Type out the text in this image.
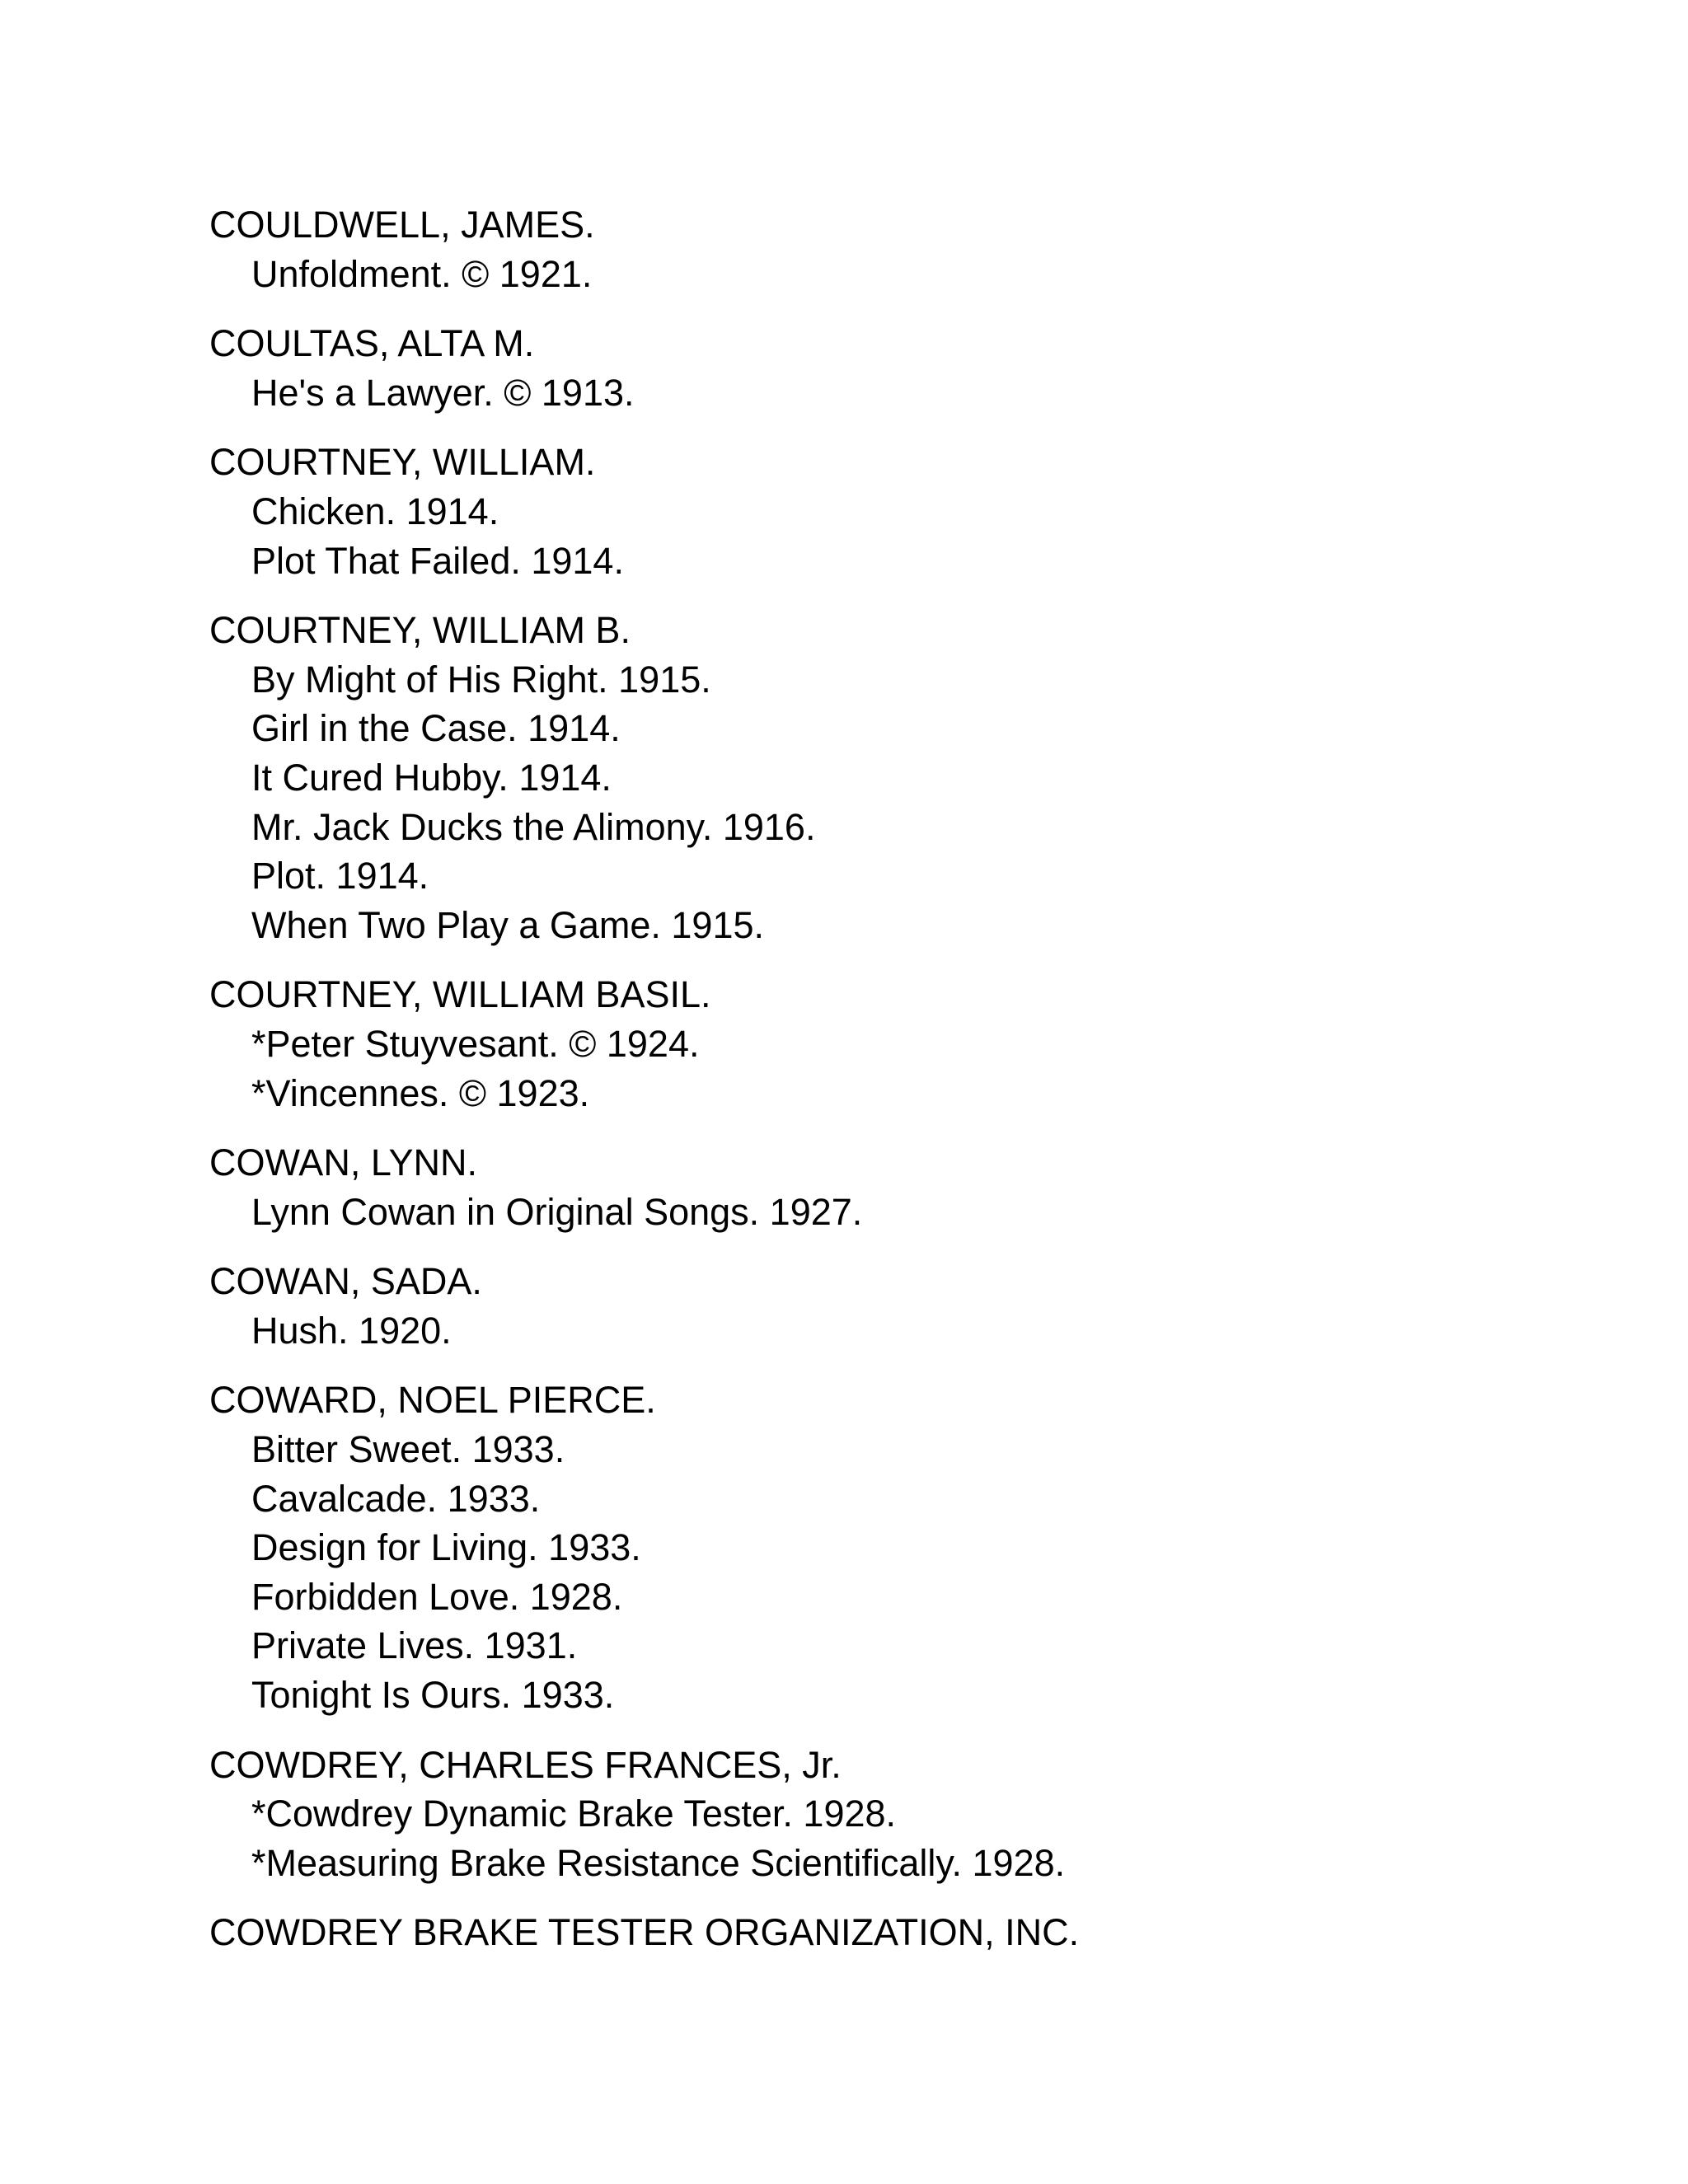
COULDWELL, JAMES.
Unfoldment. © 1921.
COULTAS, ALTA M.
He's a Lawyer. © 1913.
COURTNEY, WILLIAM.
Chicken. 1914.
Plot That Failed. 1914.
COURTNEY, WILLIAM B.
By Might of His Right. 1915.
Girl in the Case. 1914.
It Cured Hubby. 1914.
Mr. Jack Ducks the Alimony. 1916.
Plot. 1914.
When Two Play a Game. 1915.
COURTNEY, WILLIAM BASIL.
*Peter Stuyvesant. © 1924.
*Vincennes. © 1923.
COWAN, LYNN.
Lynn Cowan in Original Songs. 1927.
COWAN, SADA.
Hush. 1920.
COWARD, NOEL PIERCE.
Bitter Sweet. 1933.
Cavalcade. 1933.
Design for Living. 1933.
Forbidden Love. 1928.
Private Lives. 1931.
Tonight Is Ours. 1933.
COWDREY, CHARLES FRANCES, Jr.
*Cowdrey Dynamic Brake Tester. 1928.
*Measuring Brake Resistance Scientifically. 1928.
COWDREY BRAKE TESTER ORGANIZATION, INC.
